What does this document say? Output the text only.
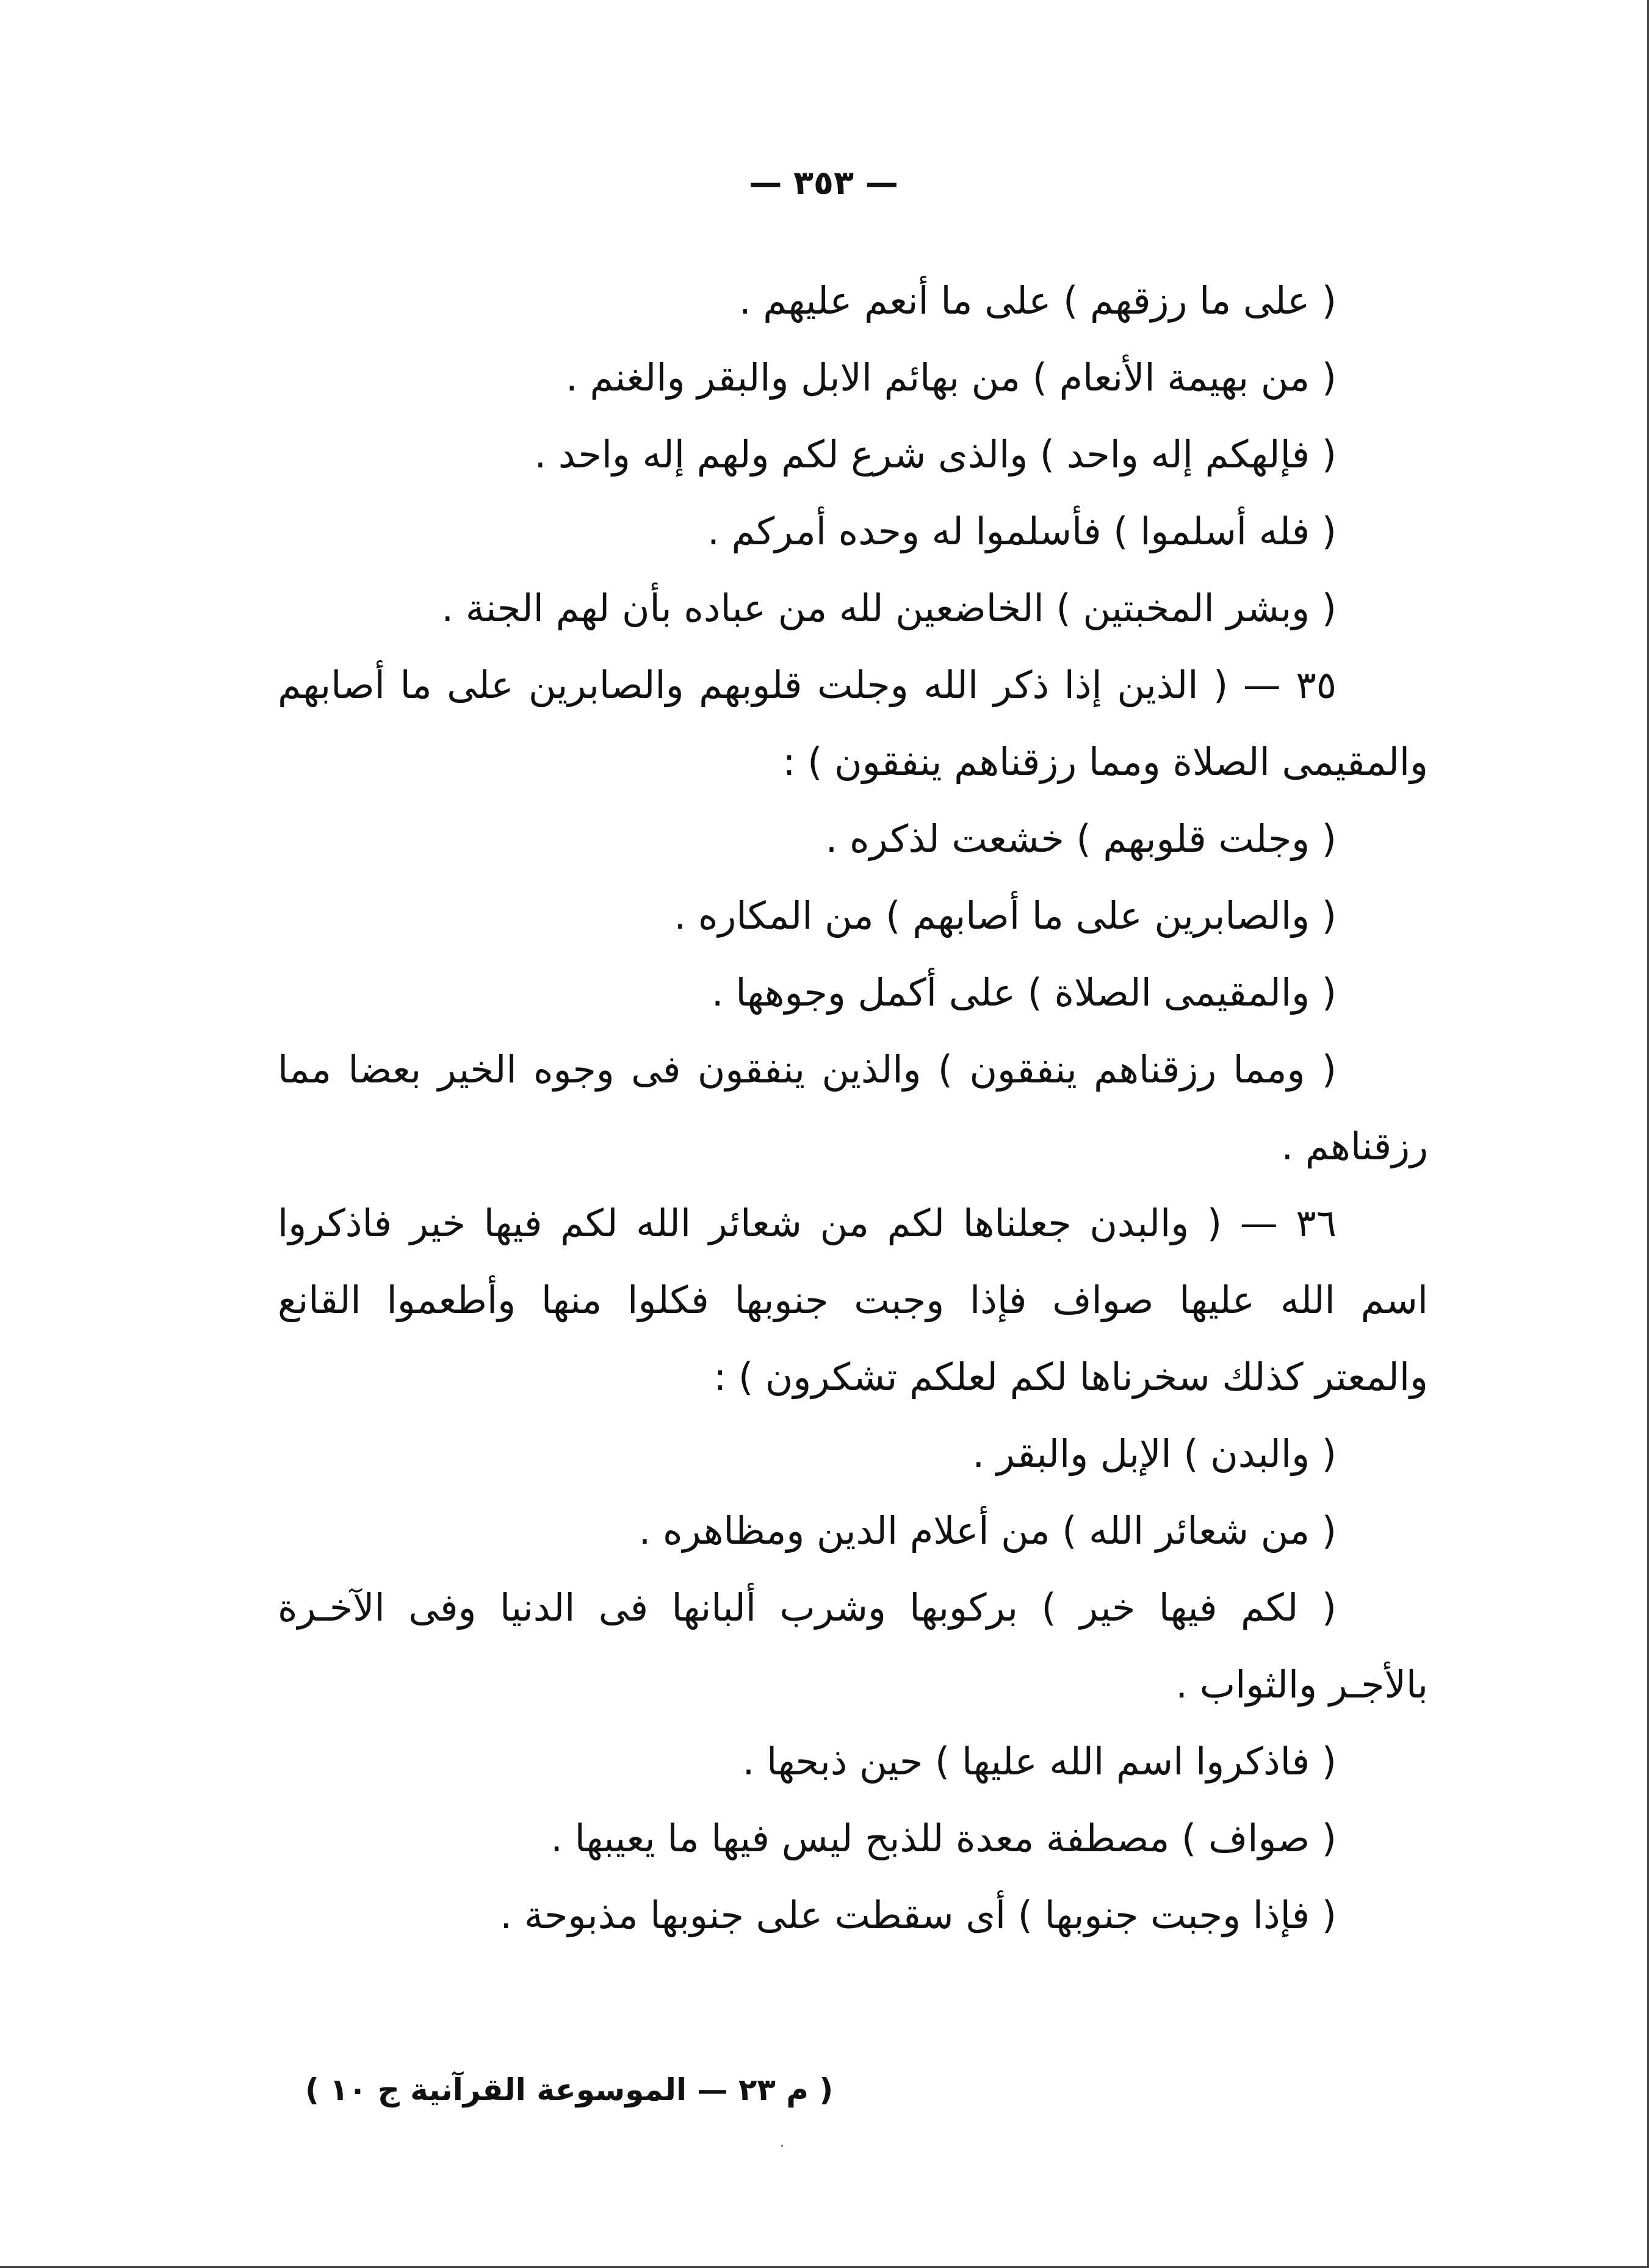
— ٣٥٣ —
( على ما رزقهم ) على ما أنعم عليهم .
( من بهيمة الأنعام ) من بهائم الابل والبقر والغنم .
( فإلهكم إله واحد ) والذى شرع لكم ولهم إله واحد .
( فله أسلموا ) فأسلموا له وحده أمركم .
( وبشر المخبتين ) الخاضعين لله من عباده بأن لهم الجنة .
٣٥ — ( الذين إذا ذكر الله وجلت قلوبهم والصابرين على ما أصابهم
والمقيمى الصلاة ومما رزقناهم ينفقون ) :
( وجلت قلوبهم ) خشعت لذكره .
( والصابرين على ما أصابهم ) من المكاره .
( والمقيمى الصلاة ) على أكمل وجوهها .
( ومما رزقناهم ينفقون ) والذين ينفقون فى وجوه الخير بعضا مما
رزقناهم .
٣٦ — ( والبدن جعلناها لكم من شعائر الله لكم فيها خير فاذكروا
اسم الله عليها صواف فإذا وجبت جنوبها فكلوا منها وأطعموا القانع
والمعتر كذلك سخرناها لكم لعلكم تشكرون ) :
( والبدن ) الإبل والبقر .
( من شعائر الله ) من أعلام الدين ومظاهره .
( لكم فيها خير ) بركوبها وشرب ألبانها فى الدنيا وفى الآخـرة
بالأجـر والثواب .
( فاذكروا اسم الله عليها ) حين ذبحها .
( صواف ) مصطفة معدة للذبح ليس فيها ما يعيبها .
( فإذا وجبت جنوبها ) أى سقطت على جنوبها مذبوحة .
( م ٢٣ — الموسوعة القرآنية ج ١٠ )
